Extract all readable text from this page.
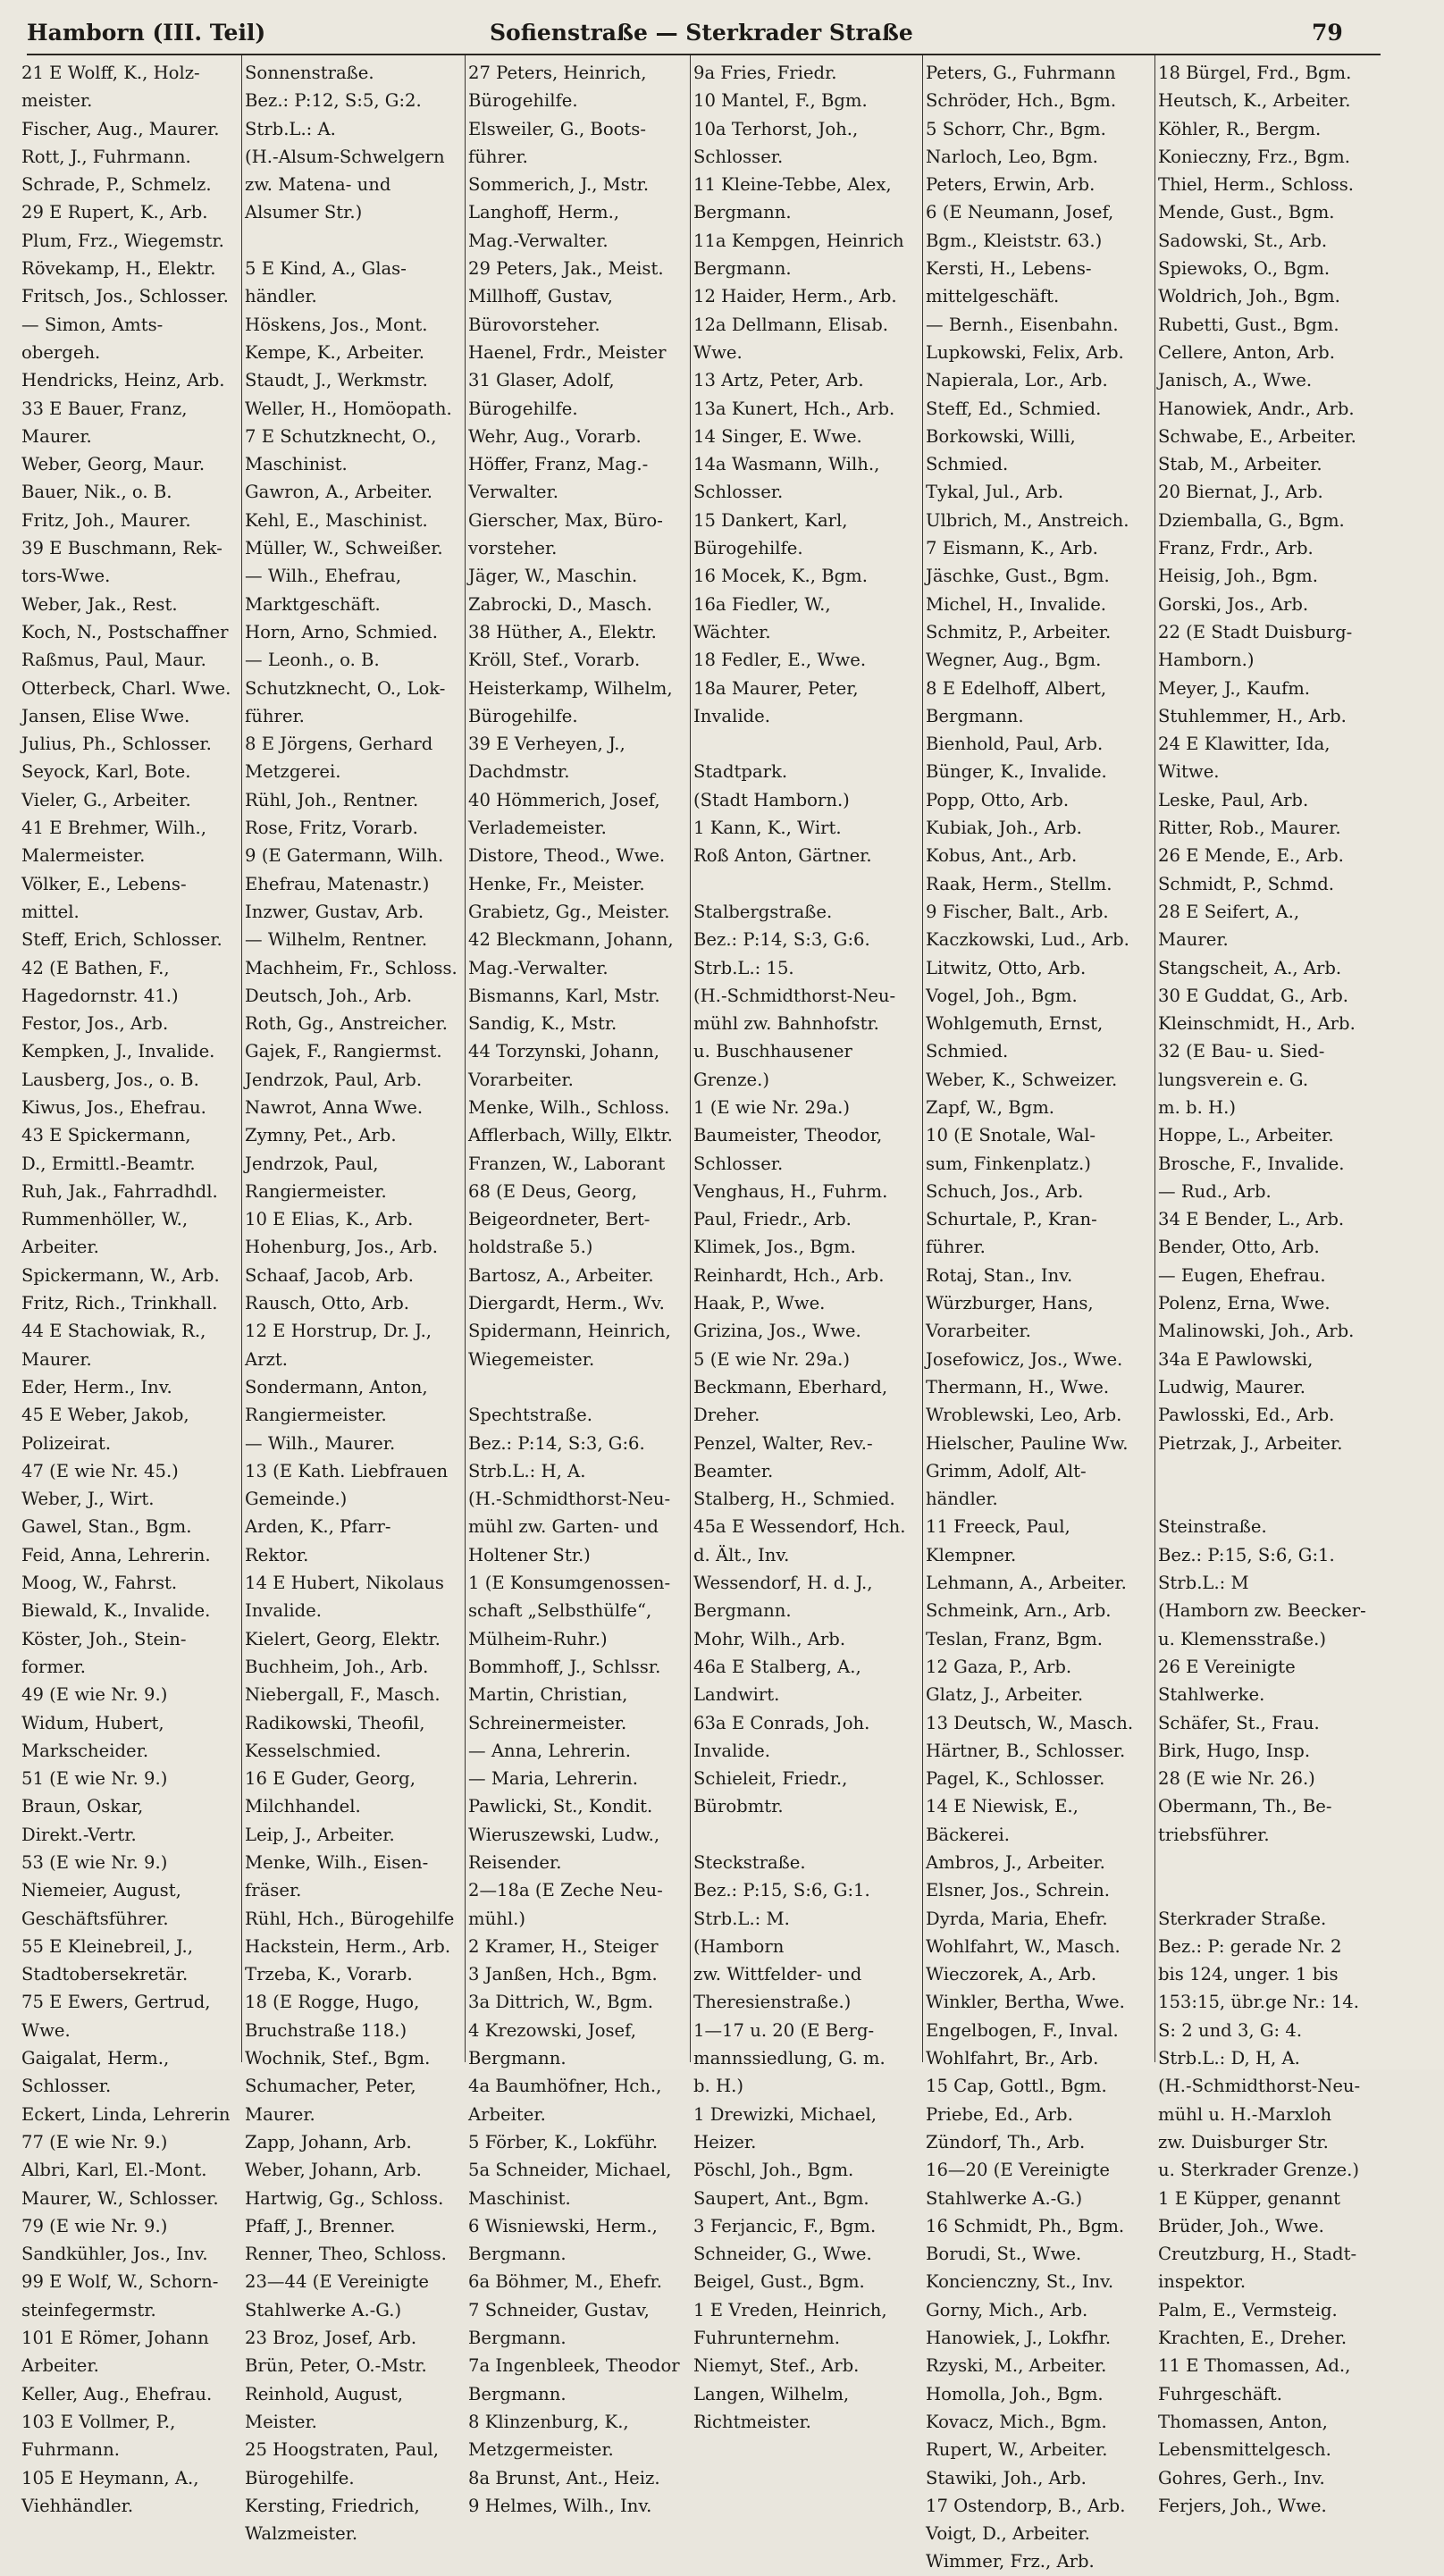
Hamborn (III. Teil)	Sofienstraße — Sterkrader Straße	79
21 E Wolff, K., Holz-
meister.
Fischer, Aug., Maurer.
Rott, J., Fuhrmann.
Schrade, P., Schmelz.
29 E Rupert, K., Arb.
Plum, Frz., Wiegemstr.
Rövekamp, H., Elektr.
Fritsch, Jos., Schlosser.
— Simon, Amts-
obergeh.
Hendricks, Heinz, Arb.
33 E Bauer, Franz,
Maurer.
Weber, Georg, Maur.
Bauer, Nik., o. B.
Fritz, Joh., Maurer.
39 E Buschmann, Rek-
tors-Wwe.
Weber, Jak., Rest.
Koch, N., Postschaffner
Raßmus, Paul, Maur.
Otterbeck, Charl. Wwe.
Jansen, Elise Wwe.
Julius, Ph., Schlosser.
Seyock, Karl, Bote.
Vieler, G., Arbeiter.
41 E Brehmer, Wilh.,
Malermeister.
Völker, E., Lebens-
mittel.
Steff, Erich, Schlosser.
42 (E Bathen, F.,
Hagedornstr. 41.)
Festor, Jos., Arb.
Kempken, J., Invalide.
Lausberg, Jos., o. B.
Kiwus, Jos., Ehefrau.
43 E Spickermann,
D., Ermittl.-Beamtr.
Ruh, Jak., Fahrradhdl.
Rummenhöller, W.,
Arbeiter.
Spickermann, W., Arb.
Fritz, Rich., Trinkhall.
44 E Stachowiak, R.,
Maurer.
Eder, Herm., Inv.
45 E Weber, Jakob,
Polizeirat.
47 (E wie Nr. 45.)
Weber, J., Wirt.
Gawel, Stan., Bgm.
Feid, Anna, Lehrerin.
Moog, W., Fahrst.
Biewald, K., Invalide.
Köster, Joh., Stein-
former.
49 (E wie Nr. 9.)
Widum, Hubert,
Markscheider.
51 (E wie Nr. 9.)
Braun, Oskar,
Direkt.-Vertr.
53 (E wie Nr. 9.)
Niemeier, August,
Geschäftsführer.
55 E Kleinebreil, J.,
Stadtobersekretär.
75 E Ewers, Gertrud,
Wwe.
Gaigalat, Herm.,
Schlosser.
Eckert, Linda, Lehrerin
77 (E wie Nr. 9.)
Albri, Karl, El.-Mont.
Maurer, W., Schlosser.
79 (E wie Nr. 9.)
Sandkühler, Jos., Inv.
99 E Wolf, W., Schorn-
steinfegermstr.
101 E Römer, Johann
Arbeiter.
Keller, Aug., Ehefrau.
103 E Vollmer, P.,
Fuhrmann.
105 E Heymann, A.,
Viehhändler.
Sonnenstraße.
Bez.: P:12, S:5, G:2.
Strb.L.: A.
(H.-Alsum-Schwelgern
zw. Matena- und
Alsumer Str.)
5 E Kind, A., Glas-
händler.
Höskens, Jos., Mont.
Kempe, K., Arbeiter.
Staudt, J., Werkmstr.
Weller, H., Homöopath.
7 E Schutzknecht, O.,
Maschinist.
Gawron, A., Arbeiter.
Kehl, E., Maschinist.
Müller, W., Schweißer.
— Wilh., Ehefrau,
Marktgeschäft.
Horn, Arno, Schmied.
— Leonh., o. B.
Schutzknecht, O., Lok-
führer.
8 E Jörgens, Gerhard
Metzgerei.
Rühl, Joh., Rentner.
Rose, Fritz, Vorarb.
9 (E Gatermann, Wilh.
Ehefrau, Matenastr.)
Inzwer, Gustav, Arb.
— Wilhelm, Rentner.
Machheim, Fr., Schloss.
Deutsch, Joh., Arb.
Roth, Gg., Anstreicher.
Gajek, F., Rangiermst.
Jendrzok, Paul, Arb.
Nawrot, Anna Wwe.
Zymny, Pet., Arb.
Jendrzok, Paul,
Rangiermeister.
10 E Elias, K., Arb.
Hohenburg, Jos., Arb.
Schaaf, Jacob, Arb.
Rausch, Otto, Arb.
12 E Horstrup, Dr. J.,
Arzt.
Sondermann, Anton,
Rangiermeister.
— Wilh., Maurer.
13 (E Kath. Liebfrauen
Gemeinde.)
Arden, K., Pfarr-
Rektor.
14 E Hubert, Nikolaus
Invalide.
Kielert, Georg, Elektr.
Buchheim, Joh., Arb.
Niebergall, F., Masch.
Radikowski, Theofil,
Kesselschmied.
16 E Guder, Georg,
Milchhandel.
Leip, J., Arbeiter.
Menke, Wilh., Eisen-
fräser.
Rühl, Hch., Bürogehilfe
Hackstein, Herm., Arb.
Trzeba, K., Vorarb.
18 (E Rogge, Hugo,
Bruchstraße 118.)
Wochnik, Stef., Bgm.
Schumacher, Peter,
Maurer.
Zapp, Johann, Arb.
Weber, Johann, Arb.
Hartwig, Gg., Schloss.
Pfaff, J., Brenner.
Renner, Theo, Schloss.
23—44 (E Vereinigte
Stahlwerke A.-G.)
23 Broz, Josef, Arb.
Brün, Peter, O.-Mstr.
Reinhold, August,
Meister.
25 Hoogstraten, Paul,
Bürogehilfe.
Kersting, Friedrich,
Walzmeister.
27 Peters, Heinrich,
Bürogehilfe.
Elsweiler, G., Boots-
führer.
Sommerich, J., Mstr.
Langhoff, Herm.,
Mag.-Verwalter.
29 Peters, Jak., Meist.
Millhoff, Gustav,
Bürovorsteher.
Haenel, Frdr., Meister
31 Glaser, Adolf,
Bürogehilfe.
Wehr, Aug., Vorarb.
Höffer, Franz, Mag.-
Verwalter.
Gierscher, Max, Büro-
vorsteher.
Jäger, W., Maschin.
Zabrocki, D., Masch.
38 Hüther, A., Elektr.
Kröll, Stef., Vorarb.
Heisterkamp, Wilhelm,
Bürogehilfe.
39 E Verheyen, J.,
Dachdmstr.
40 Hömmerich, Josef,
Verlademeister.
Distore, Theod., Wwe.
Henke, Fr., Meister.
Grabietz, Gg., Meister.
42 Bleckmann, Johann,
Mag.-Verwalter.
Bismanns, Karl, Mstr.
Sandig, K., Mstr.
44 Torzynski, Johann,
Vorarbeiter.
Menke, Wilh., Schloss.
Afflerbach, Willy, Elktr.
Franzen, W., Laborant
68 (E Deus, Georg,
Beigeordneter, Bert-
holdstraße 5.)
Bartosz, A., Arbeiter.
Diergardt, Herm., Wv.
Spidermann, Heinrich,
Wiegemeister.
Spechtstraße.
Bez.: P:14, S:3, G:6.
Strb.L.: H, A.
(H.-Schmidthorst-Neu-
mühl zw. Garten- und
Holtener Str.)
1 (E Konsumgenossen-
schaft „Selbsthülfe“,
Mülheim-Ruhr.)
Bommhoff, J., Schlssr.
Martin, Christian,
Schreinermeister.
— Anna, Lehrerin.
— Maria, Lehrerin.
Pawlicki, St., Kondit.
Wieruszewski, Ludw.,
Reisender.
2—18a (E Zeche Neu-
mühl.)
2 Kramer, H., Steiger
3 Janßen, Hch., Bgm.
3a Dittrich, W., Bgm.
4 Krezowski, Josef,
Bergmann.
4a Baumhöfner, Hch.,
Arbeiter.
5 Förber, K., Lokführ.
5a Schneider, Michael,
Maschinist.
6 Wisniewski, Herm.,
Bergmann.
6a Böhmer, M., Ehefr.
7 Schneider, Gustav,
Bergmann.
7a Ingenbleek, Theodor
Bergmann.
8 Klinzenburg, K.,
Metzgermeister.
8a Brunst, Ant., Heiz.
9 Helmes, Wilh., Inv.
9a Fries, Friedr.
10 Mantel, F., Bgm.
10a Terhorst, Joh.,
Schlosser.
11 Kleine-Tebbe, Alex,
Bergmann.
11a Kempgen, Heinrich
Bergmann.
12 Haider, Herm., Arb.
12a Dellmann, Elisab.
Wwe.
13 Artz, Peter, Arb.
13a Kunert, Hch., Arb.
14 Singer, E. Wwe.
14a Wasmann, Wilh.,
Schlosser.
15 Dankert, Karl,
Bürogehilfe.
16 Mocek, K., Bgm.
16a Fiedler, W.,
Wächter.
18 Fedler, E., Wwe.
18a Maurer, Peter,
Invalide.
Stadtpark.
(Stadt Hamborn.)
1 Kann, K., Wirt.
Roß Anton, Gärtner.
Stalbergstraße.
Bez.: P:14, S:3, G:6.
Strb.L.: 15.
(H.-Schmidthorst-Neu-
mühl zw. Bahnhofstr.
u. Buschhausener
Grenze.)
1 (E wie Nr. 29a.)
Baumeister, Theodor,
Schlosser.
Venghaus, H., Fuhrm.
Paul, Friedr., Arb.
Klimek, Jos., Bgm.
Reinhardt, Hch., Arb.
Haak, P., Wwe.
Grizina, Jos., Wwe.
5 (E wie Nr. 29a.)
Beckmann, Eberhard,
Dreher.
Penzel, Walter, Rev.-
Beamter.
Stalberg, H., Schmied.
45a E Wessendorf, Hch.
d. Ält., Inv.
Wessendorf, H. d. J.,
Bergmann.
Mohr, Wilh., Arb.
46a E Stalberg, A.,
Landwirt.
63a E Conrads, Joh.
Invalide.
Schieleit, Friedr.,
Bürobmtr.
Steckstraße.
Bez.: P:15, S:6, G:1.
Strb.L.: M.
(Hamborn
zw. Wittfelder- und
Theresienstraße.)
1—17 u. 20 (E Berg-
mannssiedlung, G. m.
b. H.)
1 Drewizki, Michael,
Heizer.
Pöschl, Joh., Bgm.
Saupert, Ant., Bgm.
3 Ferjancic, F., Bgm.
Schneider, G., Wwe.
Beigel, Gust., Bgm.
1 E Vreden, Heinrich,
Fuhrunternehm.
Niemyt, Stef., Arb.
Langen, Wilhelm,
Richtmeister.
Peters, G., Fuhrmann
Schröder, Hch., Bgm.
5 Schorr, Chr., Bgm.
Narloch, Leo, Bgm.
Peters, Erwin, Arb.
6 (E Neumann, Josef,
Bgm., Kleiststr. 63.)
Kersti, H., Lebens-
mittelgeschäft.
— Bernh., Eisenbahn.
Lupkowski, Felix, Arb.
Napierala, Lor., Arb.
Steff, Ed., Schmied.
Borkowski, Willi,
Schmied.
Tykal, Jul., Arb.
Ulbrich, M., Anstreich.
7 Eismann, K., Arb.
Jäschke, Gust., Bgm.
Michel, H., Invalide.
Schmitz, P., Arbeiter.
Wegner, Aug., Bgm.
8 E Edelhoff, Albert,
Bergmann.
Bienhold, Paul, Arb.
Bünger, K., Invalide.
Popp, Otto, Arb.
Kubiak, Joh., Arb.
Kobus, Ant., Arb.
Raak, Herm., Stellm.
9 Fischer, Balt., Arb.
Kaczkowski, Lud., Arb.
Litwitz, Otto, Arb.
Vogel, Joh., Bgm.
Wohlgemuth, Ernst,
Schmied.
Weber, K., Schweizer.
Zapf, W., Bgm.
10 (E Snotale, Wal-
sum, Finkenplatz.)
Schuch, Jos., Arb.
Schurtale, P., Kran-
führer.
Rotaj, Stan., Inv.
Würzburger, Hans,
Vorarbeiter.
Josefowicz, Jos., Wwe.
Thermann, H., Wwe.
Wroblewski, Leo, Arb.
Hielscher, Pauline Ww.
Grimm, Adolf, Alt-
händler.
11 Freeck, Paul,
Klempner.
Lehmann, A., Arbeiter.
Schmeink, Arn., Arb.
Teslan, Franz, Bgm.
12 Gaza, P., Arb.
Glatz, J., Arbeiter.
13 Deutsch, W., Masch.
Härtner, B., Schlosser.
Pagel, K., Schlosser.
14 E Niewisk, E.,
Bäckerei.
Ambros, J., Arbeiter.
Elsner, Jos., Schrein.
Dyrda, Maria, Ehefr.
Wohlfahrt, W., Masch.
Wieczorek, A., Arb.
Winkler, Bertha, Wwe.
Engelbogen, F., Inval.
Wohlfahrt, Br., Arb.
15 Cap, Gottl., Bgm.
Priebe, Ed., Arb.
Zündorf, Th., Arb.
16—20 (E Vereinigte
Stahlwerke A.-G.)
16 Schmidt, Ph., Bgm.
Borudi, St., Wwe.
Koncienczny, St., Inv.
Gorny, Mich., Arb.
Hanowiek, J., Lokfhr.
Rzyski, M., Arbeiter.
Homolla, Joh., Bgm.
Kovacz, Mich., Bgm.
Rupert, W., Arbeiter.
Stawiki, Joh., Arb.
17 Ostendorp, B., Arb.
Voigt, D., Arbeiter.
Wimmer, Frz., Arb.
18 Bürgel, Frd., Bgm.
Heutsch, K., Arbeiter.
Köhler, R., Bergm.
Konieczny, Frz., Bgm.
Thiel, Herm., Schloss.
Mende, Gust., Bgm.
Sadowski, St., Arb.
Spiewoks, O., Bgm.
Woldrich, Joh., Bgm.
Rubetti, Gust., Bgm.
Cellere, Anton, Arb.
Janisch, A., Wwe.
Hanowiek, Andr., Arb.
Schwabe, E., Arbeiter.
Stab, M., Arbeiter.
20 Biernat, J., Arb.
Dziemballa, G., Bgm.
Franz, Frdr., Arb.
Heisig, Joh., Bgm.
Gorski, Jos., Arb.
22 (E Stadt Duisburg-
Hamborn.)
Meyer, J., Kaufm.
Stuhlemmer, H., Arb.
24 E Klawitter, Ida,
Witwe.
Leske, Paul, Arb.
Ritter, Rob., Maurer.
26 E Mende, E., Arb.
Schmidt, P., Schmd.
28 E Seifert, A.,
Maurer.
Stangscheit, A., Arb.
30 E Guddat, G., Arb.
Kleinschmidt, H., Arb.
32 (E Bau- u. Sied-
lungsverein e. G.
m. b. H.)
Hoppe, L., Arbeiter.
Brosche, F., Invalide.
— Rud., Arb.
34 E Bender, L., Arb.
Bender, Otto, Arb.
— Eugen, Ehefrau.
Polenz, Erna, Wwe.
Malinowski, Joh., Arb.
34a E Pawlowski,
Ludwig, Maurer.
Pawlosski, Ed., Arb.
Pietrzak, J., Arbeiter.
Steinstraße.
Bez.: P:15, S:6, G:1.
Strb.L.: M
(Hamborn zw. Beecker-
u. Klemensstraße.)
26 E Vereinigte
Stahlwerke.
Schäfer, St., Frau.
Birk, Hugo, Insp.
28 (E wie Nr. 26.)
Obermann, Th., Be-
triebsführer.
Sterkrader Straße.
Bez.: P: gerade Nr. 2
bis 124, unger. 1 bis
153:15, übr.ge Nr.: 14.
S: 2 und 3, G: 4.
Strb.L.: D, H, A.
(H.-Schmidthorst-Neu-
mühl u. H.-Marxloh
zw. Duisburger Str.
u. Sterkrader Grenze.)
1 E Küpper, genannt
Brüder, Joh., Wwe.
Creutzburg, H., Stadt-
inspektor.
Palm, E., Vermsteig.
Krachten, E., Dreher.
11 E Thomassen, Ad.,
Fuhrgeschäft.
Thomassen, Anton,
Lebensmittelgesch.
Gohres, Gerh., Inv.
Ferjers, Joh., Wwe.
